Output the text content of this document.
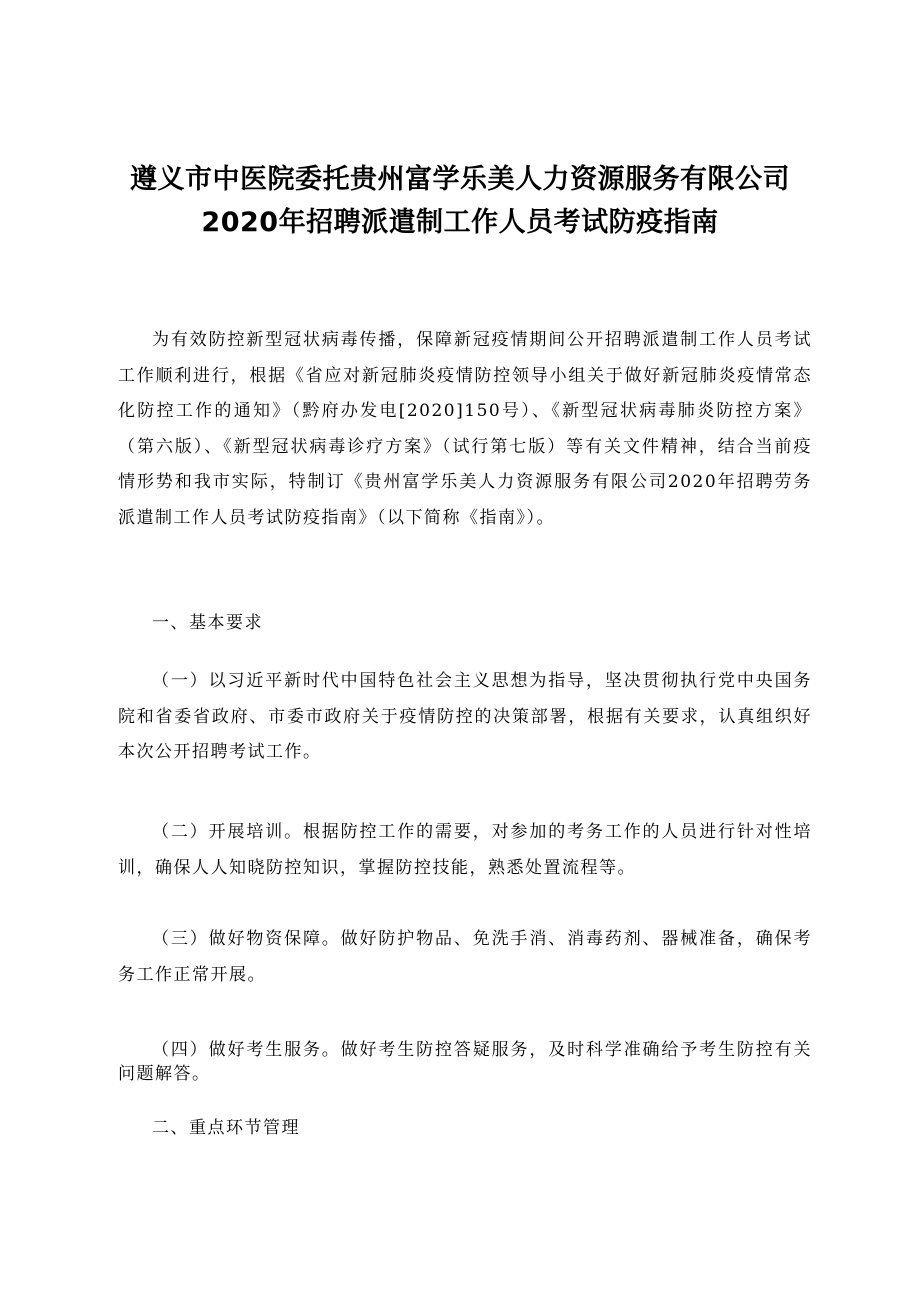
遵义市中医院委托贵州富学乐美人力资源服务有限公司
2020年招聘派遣制工作人员考试防疫指南

为有效防控新型冠状病毒传播，保障新冠疫情期间公开招聘派遣制工作人员考试工作顺利进行，根据《省应对新冠肺炎疫情防控领导小组关于做好新冠肺炎疫情常态化防控工作的通知》（黔府办发电[2020]150号）、《新型冠状病毒肺炎防控方案》（第六版）、《新型冠状病毒诊疗方案》（试行第七版）等有关文件精神，结合当前疫情形势和我市实际，特制订《贵州富学乐美人力资源服务有限公司2020年招聘劳务派遣制工作人员考试防疫指南》（以下简称《指南》）。

一、基本要求

（一）以习近平新时代中国特色社会主义思想为指导，坚决贯彻执行党中央国务院和省委省政府、市委市政府关于疫情防控的决策部署，根据有关要求，认真组织好本次公开招聘考试工作。

（二）开展培训。根据防控工作的需要，对参加的考务工作的人员进行针对性培训，确保人人知晓防控知识，掌握防控技能，熟悉处置流程等。

（三）做好物资保障。做好防护物品、免洗手消、消毒药剂、器械准备，确保考务工作正常开展。

（四）做好考生服务。做好考生防控答疑服务，及时科学准确给予考生防控有关问题解答。

二、重点环节管理
